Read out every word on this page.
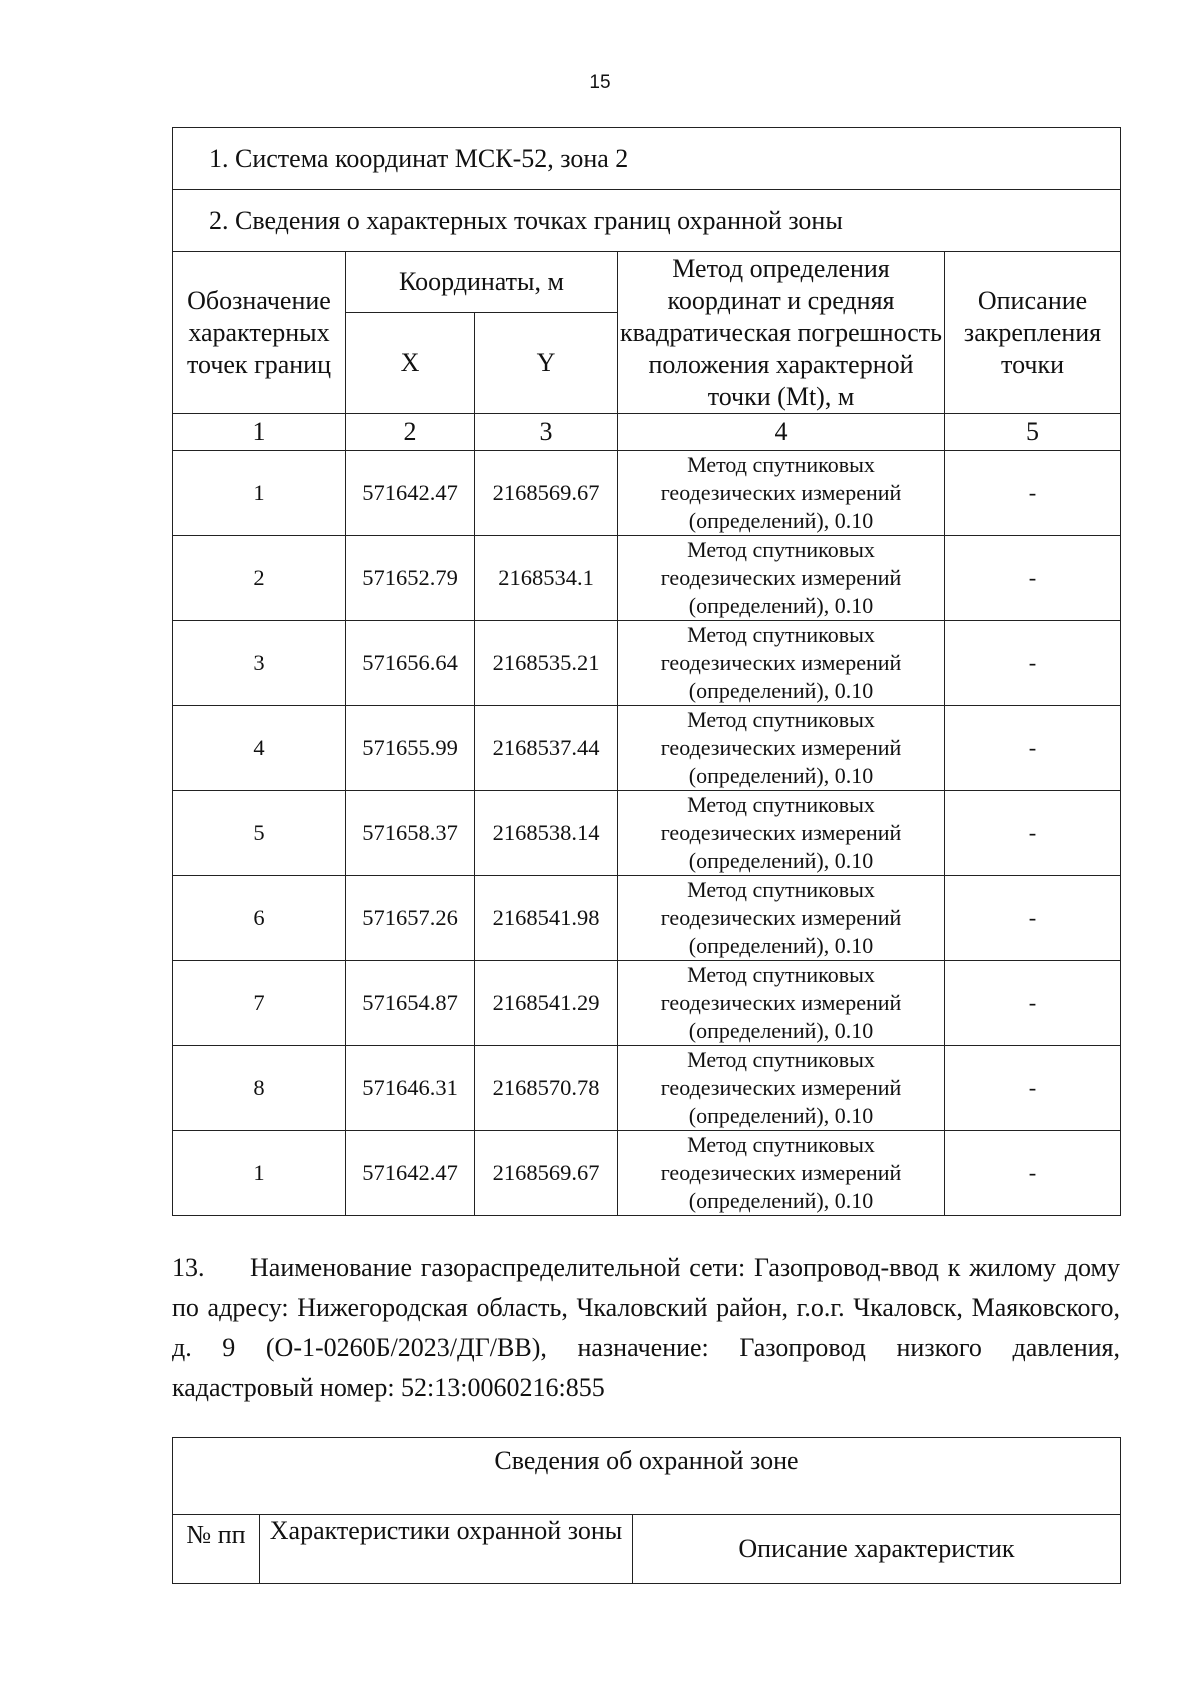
15
1. Система координат МСК-52, зона 2				
2. Сведения о характерных точках границ охранной зоны				
Обозначение характерных точек границ	Координаты, м		Метод определения координат и средняя квадратическая погрешность положения характерной точки (Mt), м	Описание закрепления точки
	X	Y		
1	2	3	4	5
1	571642.47	2168569.67	Метод спутниковых геодезических измерений (определений), 0.10	-
2	571652.79	2168534.1	Метод спутниковых геодезических измерений (определений), 0.10	-
3	571656.64	2168535.21	Метод спутниковых геодезических измерений (определений), 0.10	-
4	571655.99	2168537.44	Метод спутниковых геодезических измерений (определений), 0.10	-
5	571658.37	2168538.14	Метод спутниковых геодезических измерений (определений), 0.10	-
6	571657.26	2168541.98	Метод спутниковых геодезических измерений (определений), 0.10	-
7	571654.87	2168541.29	Метод спутниковых геодезических измерений (определений), 0.10	-
8	571646.31	2168570.78	Метод спутниковых геодезических измерений (определений), 0.10	-
1	571642.47	2168569.67	Метод спутниковых геодезических измерений (определений), 0.10	-

13. Наименование газораспределительной сети: Газопровод-ввод к жилому дому по адресу: Нижегородская область, Чкаловский район, г.о.г. Чкаловск, Маяковского, д. 9 (О-1-0260Б/2023/ДГ/ВВ), назначение: Газопровод низкого давления, кадастровый номер: 52:13:0060216:855

Сведения об охранной зоне
№ пп	Характеристики охранной зоны	Описание характеристик
